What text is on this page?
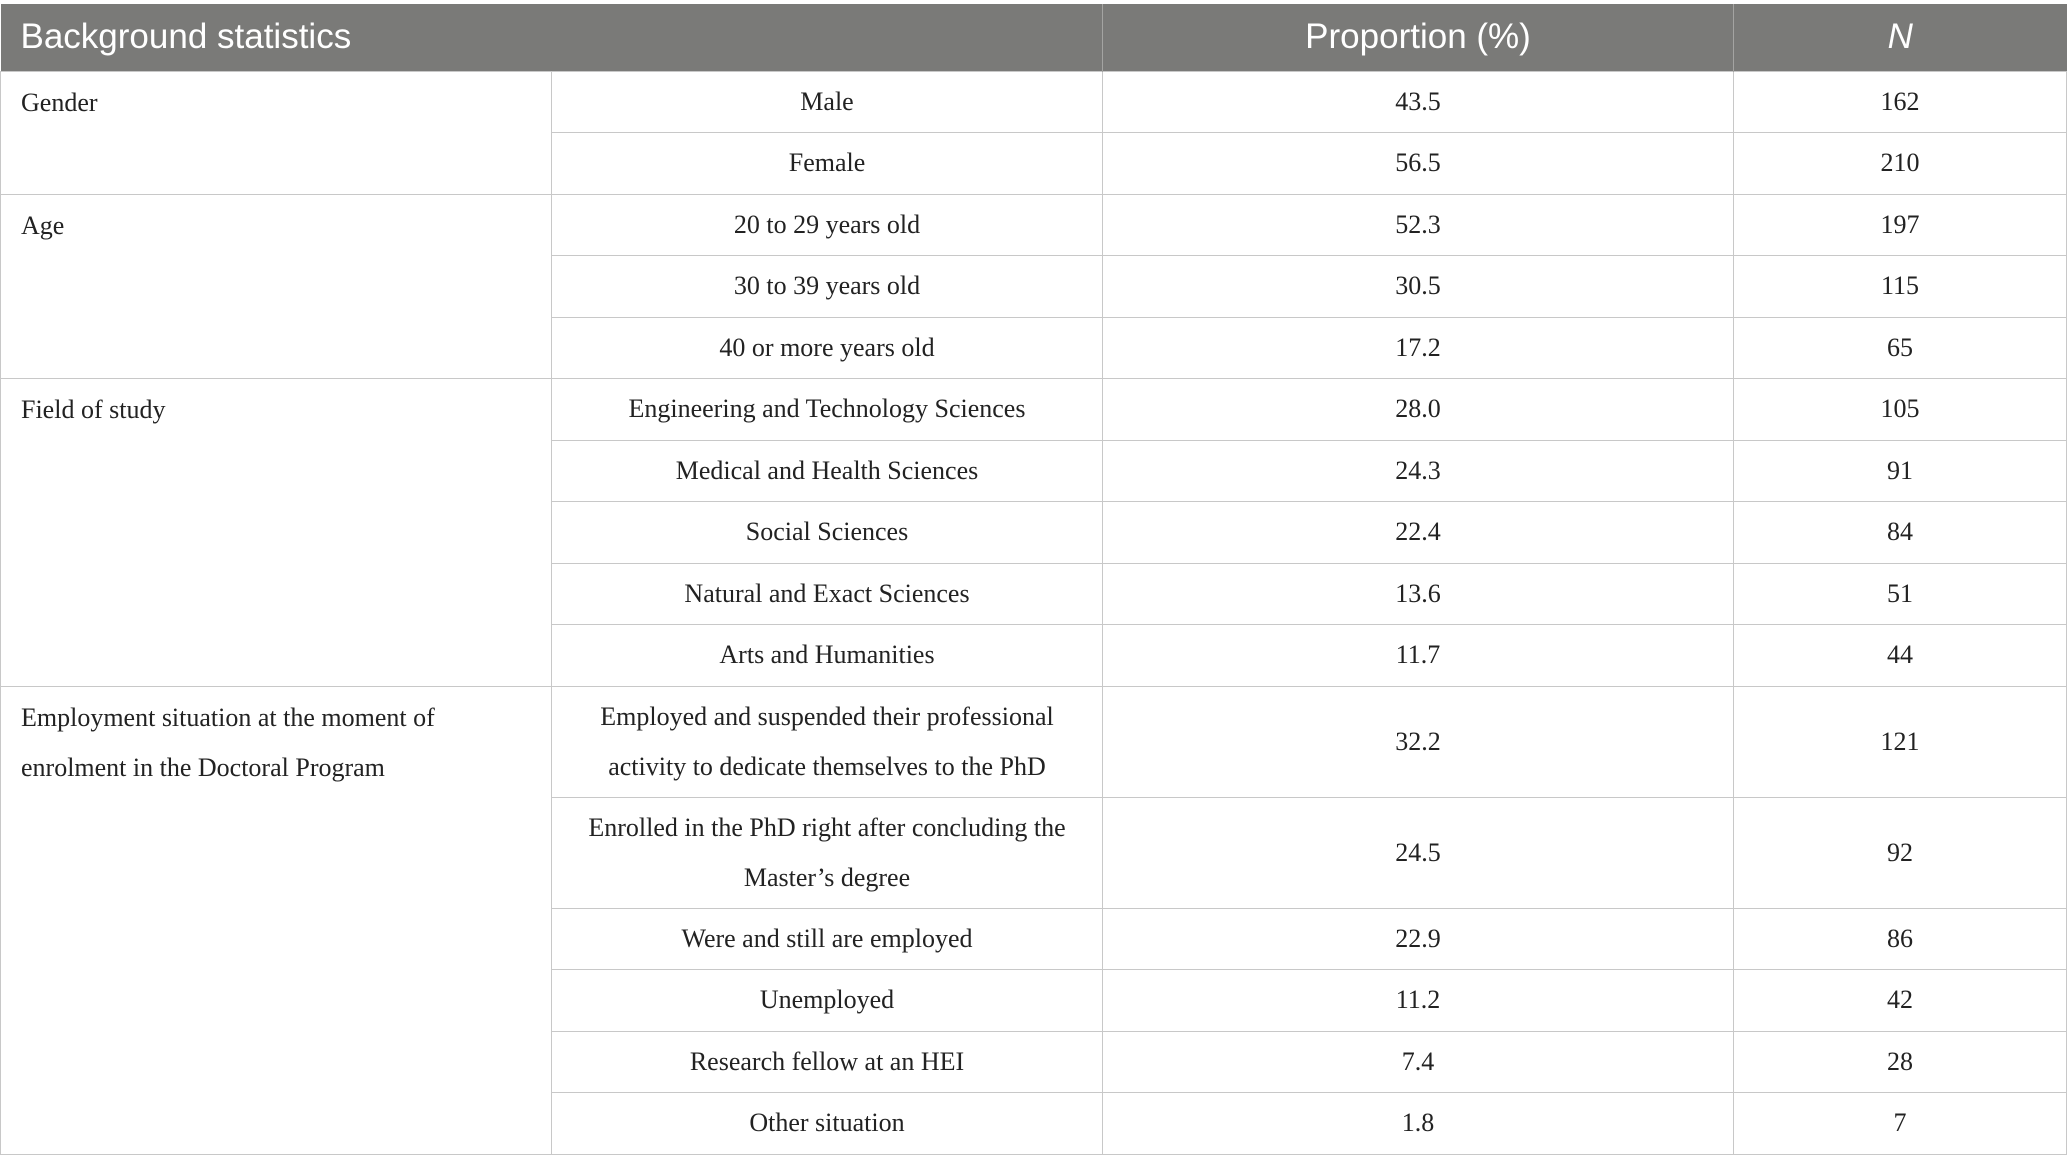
Background statistics		Proportion (%)	N
Gender	Male	43.5	162
	Female	56.5	210
Age	20 to 29 years old	52.3	197
	30 to 39 years old	30.5	115
	40 or more years old	17.2	65
Field of study	Engineering and Technology Sciences	28.0	105
	Medical and Health Sciences	24.3	91
	Social Sciences	22.4	84
	Natural and Exact Sciences	13.6	51
	Arts and Humanities	11.7	44
Employment situation at the moment of enrolment in the Doctoral Program	Employed and suspended their professional activity to dedicate themselves to the PhD	32.2	121
	Enrolled in the PhD right after concluding the Master’s degree	24.5	92
	Were and still are employed	22.9	86
	Unemployed	11.2	42
	Research fellow at an HEI	7.4	28
	Other situation	1.8	7
